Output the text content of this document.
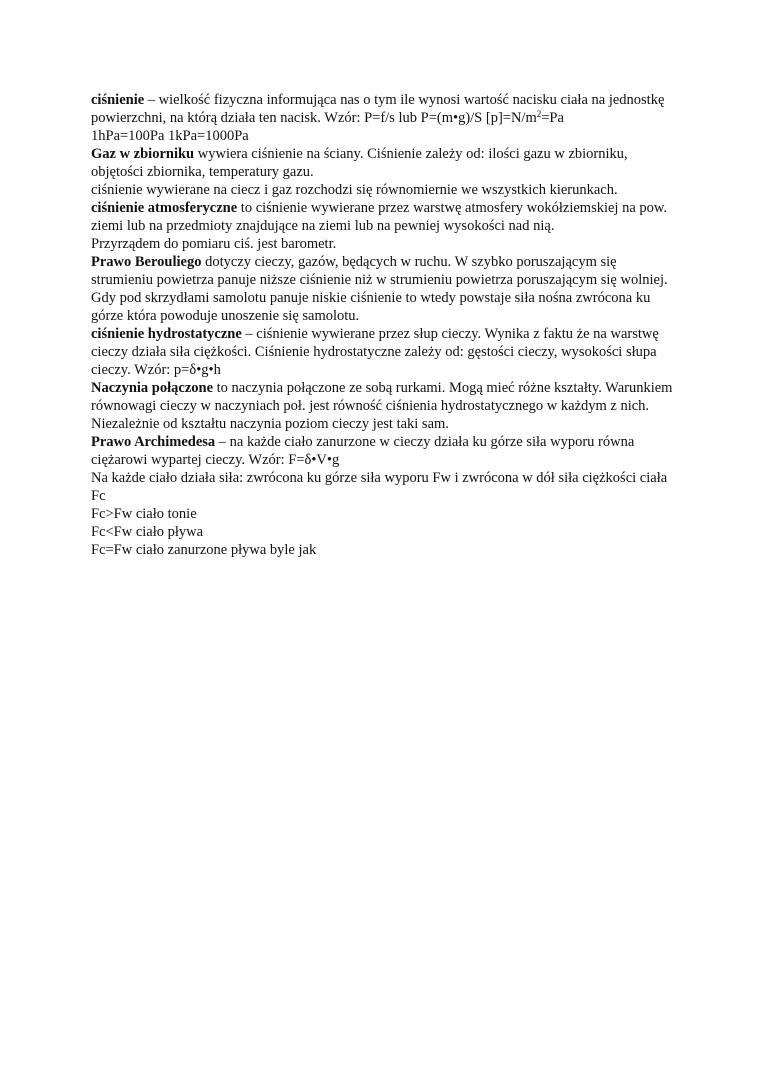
ciśnienie – wielkość fizyczna informująca nas o tym ile wynosi wartość nacisku ciała na jednostkę powierzchni, na którą działa ten nacisk. Wzór: P=f/s lub P=(m•g)/S $[p]=N/m^2=Pa$

1hPa=100Pa 1kPa=1000Pa

Gaz w zbiorniku wywiera ciśnienie na ściany. Ciśnienie zależy od: ilości gazu w zbiorniku, objętości zbiornika, temperatury gazu.

ciśnienie wywierane na ciecz i gaz rozchodzi się równomiernie we wszystkich kierunkach.

ciśnienie atmosferyczne to ciśnienie wywierane przez warstwę atmosfery wokółziemskiej na pow. ziemi lub na przedmioty znajdujące na ziemi lub na pewniej wysokości nad nią.

Przyrządem do pomiaru ciś. jest barometr.

Prawo Berouliego dotyczy cieczy, gazów, będących w ruchu. W szybko poruszającym się strumieniu powietrza panuje niższe ciśnienie niż w strumieniu powietrza poruszającym się wolniej. Gdy pod skrzydłami samolotu panuje niskie ciśnienie to wtedy powstaje siła nośna zwrócona ku górze która powoduje unoszenie się samolotu.

ciśnienie hydrostatyczne – ciśnienie wywierane przez słup cieczy. Wynika z faktu że na warstwę cieczy działa siła ciężkości. Ciśnienie hydrostatyczne zależy od: gęstości cieczy, wysokości słupa cieczy. Wzór: p=δ•g•h

Naczynia połączone to naczynia połączone ze sobą rurkami. Mogą mieć różne kształty. Warunkiem równowagi cieczy w naczyniach poł. jest równość ciśnienia hydrostatycznego w każdym z nich. Niezależnie od kształtu naczynia poziom cieczy jest taki sam.

Prawo Archimedesa – na każde ciało zanurzone w cieczy działa ku górze siła wyporu równa ciężarowi wypartej cieczy. Wzór: F=δ•V•g

Na każde ciało działa siła: zwrócona ku górze siła wyporu Fw i zwrócona w dół siła ciężkości ciała Fc

Fc>Fw ciało tonie

Fc<Fw ciało pływa

Fc=Fw ciało zanurzone pływa byle jak
